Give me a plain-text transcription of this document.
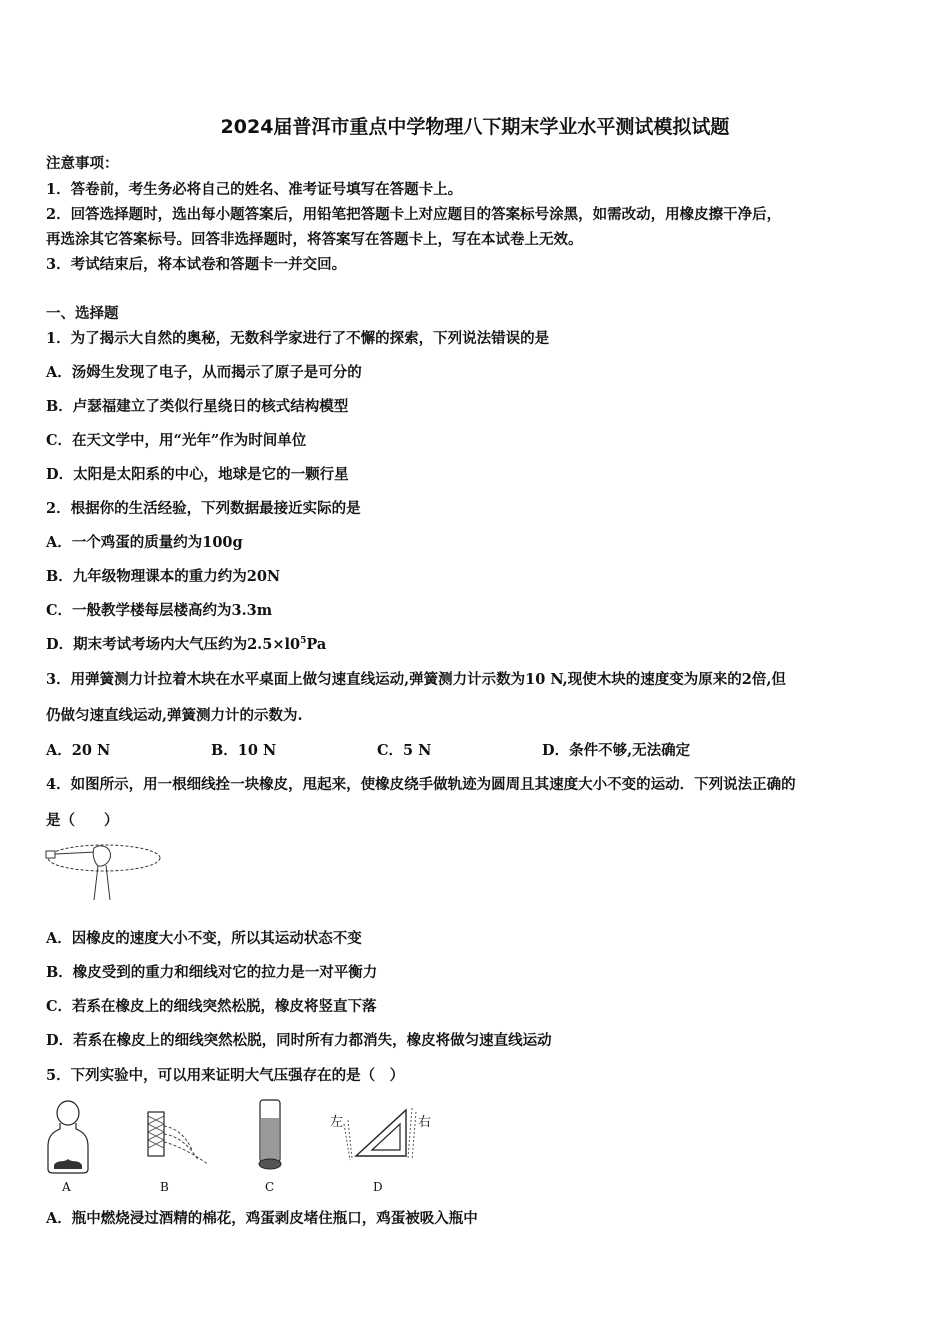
2024届普洱市重点中学物理八下期末学业水平测试模拟试题
注意事项：
1．答卷前，考生务必将自己的姓名、准考证号填写在答题卡上。
2．回答选择题时，选出每小题答案后，用铅笔把答题卡上对应题目的答案标号涂黑，如需改动，用橡皮擦干净后，
再选涂其它答案标号。回答非选择题时，将答案写在答题卡上，写在本试卷上无效。
3．考试结束后，将本试卷和答题卡一并交回。
一、选择题
1．为了揭示大自然的奥秘，无数科学家进行了不懈的探索，下列说法错误的是
A．汤姆生发现了电子，从而揭示了原子是可分的
B．卢瑟福建立了类似行星绕日的核式结构模型
C．在天文学中，用“光年”作为时间单位
D．太阳是太阳系的中心，地球是它的一颗行星
2．根据你的生活经验，下列数据最接近实际的是
A．一个鸡蛋的质量约为100g
B．九年级物理课本的重力约为20N
C．一般教学楼每层楼高约为3.3m
D．期末考试考场内大气压约为$2.5\times l0^5Pa$
3．用弹簧测力计拉着木块在水平桌面上做匀速直线运动,弹簧测力计示数为10 N,现使木块的速度变为原来的2倍,但
仍做匀速直线运动,弹簧测力计的示数为.
A．20 N	B．10 N	C．5 N	D．条件不够,无法确定
4．如图所示，用一根细线拴一块橡皮，甩起来，使橡皮绕手做轨迹为圆周且其速度大小不变的运动．下列说法正确的
是（　　）
A．因橡皮的速度大小不变，所以其运动状态不变
B．橡皮受到的重力和细线对它的拉力是一对平衡力
C．若系在橡皮上的细线突然松脱，橡皮将竖直下落
D．若系在橡皮上的细线突然松脱，同时所有力都消失，橡皮将做匀速直线运动
5．下列实验中，可以用来证明大气压强存在的是（　）
A	B	C
左	右
D
A．瓶中燃烧浸过酒精的棉花，鸡蛋剥皮堵住瓶口，鸡蛋被吸入瓶中
